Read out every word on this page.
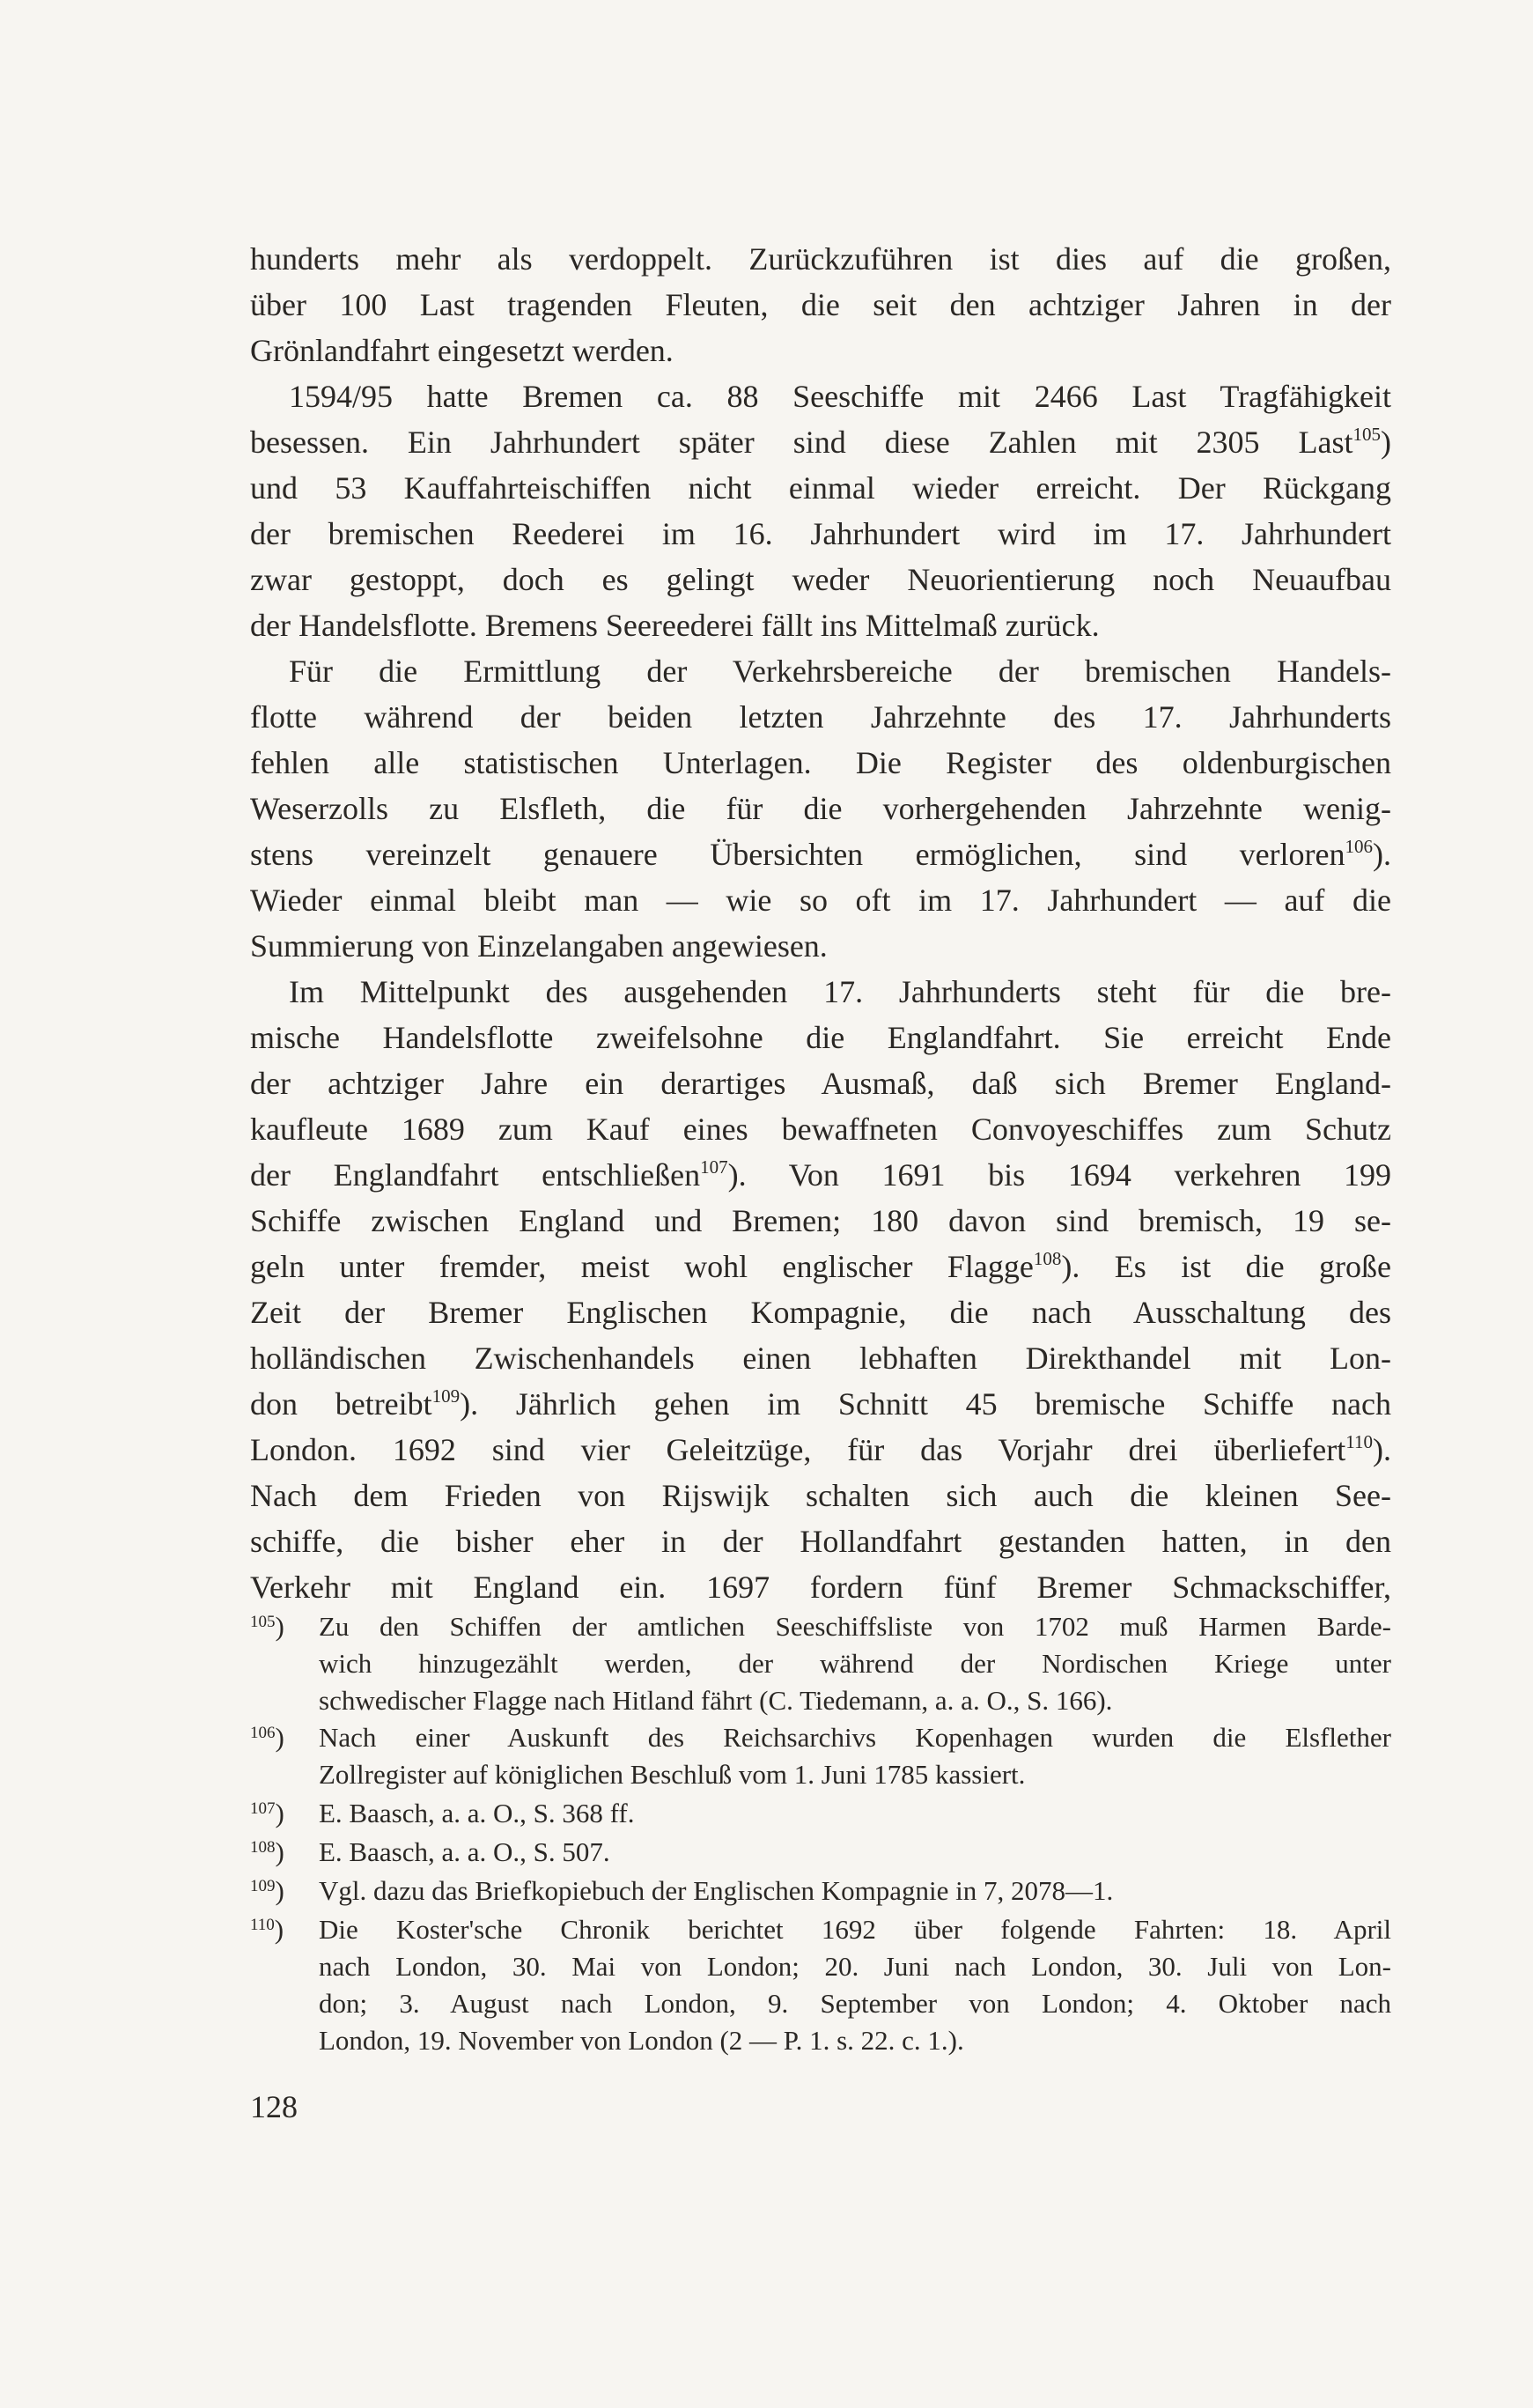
hunderts mehr als verdoppelt. Zurückzuführen ist dies auf die großen,
über 100 Last tragenden Fleuten, die seit den achtziger Jahren in der
Grönlandfahrt eingesetzt werden.
1594/95 hatte Bremen ca. 88 Seeschiffe mit 2466 Last Tragfähigkeit
besessen. Ein Jahrhundert später sind diese Zahlen mit 2305 Last$^{105}$)
und 53 Kauffahrteischiffen nicht einmal wieder erreicht. Der Rückgang
der bremischen Reederei im 16. Jahrhundert wird im 17. Jahrhundert
zwar gestoppt, doch es gelingt weder Neuorientierung noch Neuaufbau
der Handelsflotte. Bremens Seereederei fällt ins Mittelmaß zurück.
Für die Ermittlung der Verkehrsbereiche der bremischen Handels-
flotte während der beiden letzten Jahrzehnte des 17. Jahrhunderts
fehlen alle statistischen Unterlagen. Die Register des oldenburgischen
Weserzolls zu Elsfleth, die für die vorhergehenden Jahrzehnte wenig-
stens vereinzelt genauere Übersichten ermöglichen, sind verloren$^{106}$).
Wieder einmal bleibt man — wie so oft im 17. Jahrhundert — auf die
Summierung von Einzelangaben angewiesen.
Im Mittelpunkt des ausgehenden 17. Jahrhunderts steht für die bre-
mische Handelsflotte zweifelsohne die Englandfahrt. Sie erreicht Ende
der achtziger Jahre ein derartiges Ausmaß, daß sich Bremer England-
kaufleute 1689 zum Kauf eines bewaffneten Convoyeschiffes zum Schutz
der Englandfahrt entschließen$^{107}$). Von 1691 bis 1694 verkehren 199
Schiffe zwischen England und Bremen; 180 davon sind bremisch, 19 se-
geln unter fremder, meist wohl englischer Flagge$^{108}$). Es ist die große
Zeit der Bremer Englischen Kompagnie, die nach Ausschaltung des
holländischen Zwischenhandels einen lebhaften Direkthandel mit Lon-
don betreibt$^{109}$). Jährlich gehen im Schnitt 45 bremische Schiffe nach
London. 1692 sind vier Geleitzüge, für das Vorjahr drei überliefert$^{110}$).
Nach dem Frieden von Rijswijk schalten sich auch die kleinen See-
schiffe, die bisher eher in der Hollandfahrt gestanden hatten, in den
Verkehr mit England ein. 1697 fordern fünf Bremer Schmackschiffer,
$^{105}$)	Zu den Schiffen der amtlichen Seeschiffsliste von 1702 muß Harmen Barde-
wich hinzugezählt werden, der während der Nordischen Kriege unter
schwedischer Flagge nach Hitland fährt (C. Tiedemann, a. a. O., S. 166).
$^{106}$)	Nach einer Auskunft des Reichsarchivs Kopenhagen wurden die Elsflether
Zollregister auf königlichen Beschluß vom 1. Juni 1785 kassiert.
$^{107}$)	E. Baasch, a. a. O., S. 368 ff.
$^{108}$)	E. Baasch, a. a. O., S. 507.
$^{109}$)	Vgl. dazu das Briefkopiebuch der Englischen Kompagnie in 7, 2078—1.
$^{110}$)	Die Koster'sche Chronik berichtet 1692 über folgende Fahrten: 18. April
nach London, 30. Mai von London; 20. Juni nach London, 30. Juli von Lon-
don; 3. August nach London, 9. September von London; 4. Oktober nach
London, 19. November von London (2 — P. 1. s. 22. c. 1.).
128
